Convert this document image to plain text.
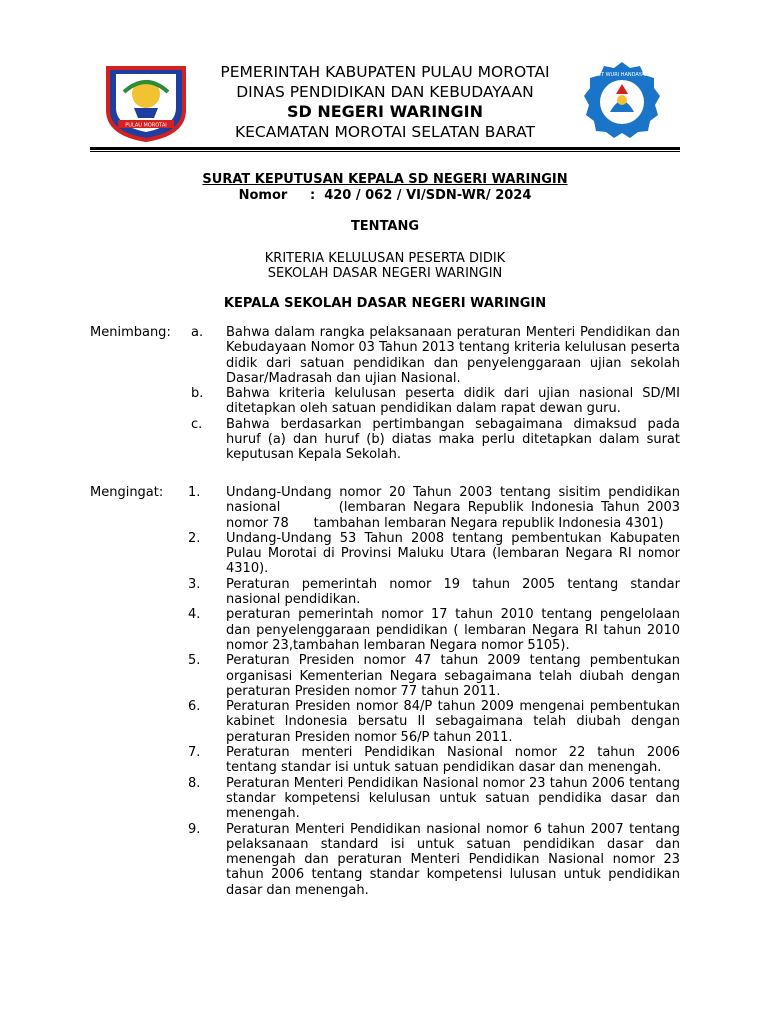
PULAU MOROTAI
PEMERINTAH KABUPATEN PULAU MOROTAI
DINAS PENDIDIKAN DAN KEBUDAYAAN
SD NEGERI WARINGIN
KECAMATAN MOROTAI SELATAN BARAT
TUT WURI HANDAYANI
SURAT KEPUTUSAN KEPALA SD NEGERI WARINGIN
Nomor     :  420 / 062 / VI/SDN-WR/ 2024
TENTANG
KRITERIA KELULUSAN PESERTA DIDIK
SEKOLAH DASAR NEGERI WARINGIN
KEPALA SEKOLAH DASAR NEGERI WARINGIN
Menimbang: a. Bahwa dalam rangka pelaksanaan peraturan Menteri Pendidikan dan Kebudayaan Nomor 03 Tahun 2013 tentang kriteria kelulusan peserta didik dari satuan pendidikan dan penyelenggaraan ujian sekolah Dasar/Madrasah dan ujian Nasional.
b. Bahwa kriteria kelulusan peserta didik dari ujian nasional SD/MI ditetapkan oleh satuan pendidikan dalam rapat dewan guru.
c. Bahwa berdasarkan pertimbangan sebagaimana dimaksud pada huruf (a) dan huruf (b) diatas maka perlu ditetapkan dalam surat keputusan Kepala Sekolah.
Mengingat: 1. Undang-Undang nomor 20 Tahun 2003 tentang sisitim pendidikan nasional        (lembaran Negara Republik Indonesia Tahun 2003 nomor 78      tambahan lembaran Negara republik Indonesia 4301)
2. Undang-Undang 53 Tahun 2008 tentang pembentukan Kabupaten Pulau Morotai di Provinsi Maluku Utara (lembaran Negara RI nomor 4310).
3. Peraturan pemerintah nomor 19 tahun 2005 tentang standar nasional pendidikan.
4. peraturan pemerintah nomor 17 tahun 2010 tentang pengelolaan dan penyelenggaraan pendidikan ( lembaran Negara RI tahun 2010 nomor 23,tambahan lembaran Negara nomor 5105).
5. Peraturan Presiden nomor 47 tahun 2009 tentang pembentukan organisasi Kementerian Negara sebagaimana telah diubah dengan peraturan Presiden nomor 77 tahun 2011.
6. Peraturan Presiden nomor 84/P tahun 2009 mengenai pembentukan kabinet Indonesia bersatu II sebagaimana telah diubah dengan peraturan Presiden nomor 56/P tahun 2011.
7. Peraturan menteri Pendidikan Nasional nomor 22 tahun 2006 tentang standar isi untuk satuan pendidikan dasar dan menengah.
8. Peraturan Menteri Pendidikan Nasional nomor 23 tahun 2006 tentang standar kompetensi kelulusan untuk satuan pendidika dasar dan menengah.
9. Peraturan Menteri Pendidikan nasional nomor 6 tahun 2007 tentang pelaksanaan standard isi untuk satuan pendidikan dasar dan menengah dan peraturan Menteri Pendidikan Nasional nomor 23 tahun 2006 tentang standar kompetensi lulusan untuk pendidikan dasar dan menengah.
